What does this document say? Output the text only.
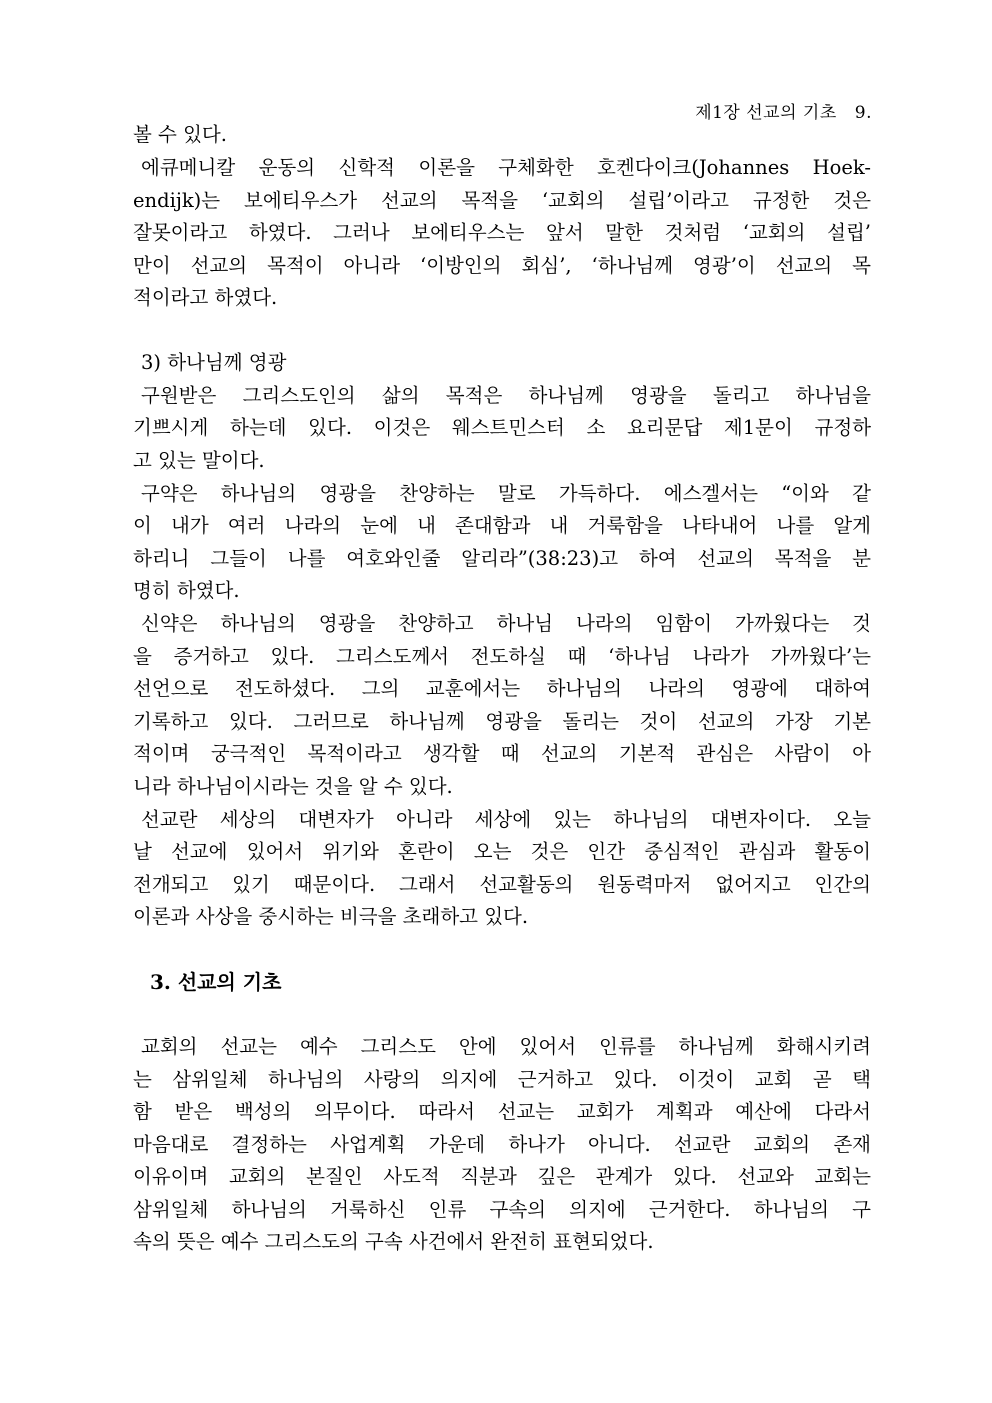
제1장 선교의 기초 9.
볼 수 있다.
에큐메니칼 운동의 신학적 이론을 구체화한 호켄다이크(Johannes Hoek-
endijk)는 보에티우스가 선교의 목적을 ‘교회의 설립’이라고 규정한 것은
잘못이라고 하였다. 그러나 보에티우스는 앞서 말한 것처럼 ‘교회의 설립’
만이 선교의 목적이 아니라 ‘이방인의 회심’, ‘하나님께 영광’이 선교의 목
적이라고 하였다.
3) 하나님께 영광
구원받은 그리스도인의 삶의 목적은 하나님께 영광을 돌리고 하나님을
기쁘시게 하는데 있다. 이것은 웨스트민스터 소 요리문답 제1문이 규정하
고 있는 말이다.
구약은 하나님의 영광을 찬양하는 말로 가득하다. 에스겔서는 “이와 같
이 내가 여러 나라의 눈에 내 존대함과 내 거룩함을 나타내어 나를 알게
하리니 그들이 나를 여호와인줄 알리라”(38:23)고 하여 선교의 목적을 분
명히 하였다.
신약은 하나님의 영광을 찬양하고 하나님 나라의 임함이 가까웠다는 것
을 증거하고 있다. 그리스도께서 전도하실 때 ‘하나님 나라가 가까웠다’는
선언으로 전도하셨다. 그의 교훈에서는 하나님의 나라의 영광에 대하여
기록하고 있다. 그러므로 하나님께 영광을 돌리는 것이 선교의 가장 기본
적이며 궁극적인 목적이라고 생각할 때 선교의 기본적 관심은 사람이 아
니라 하나님이시라는 것을 알 수 있다.
선교란 세상의 대변자가 아니라 세상에 있는 하나님의 대변자이다. 오늘
날 선교에 있어서 위기와 혼란이 오는 것은 인간 중심적인 관심과 활동이
전개되고 있기 때문이다. 그래서 선교활동의 원동력마저 없어지고 인간의
이론과 사상을 중시하는 비극을 초래하고 있다.
3. 선교의 기초
교회의 선교는 예수 그리스도 안에 있어서 인류를 하나님께 화해시키려
는 삼위일체 하나님의 사랑의 의지에 근거하고 있다. 이것이 교회 곧 택
함 받은 백성의 의무이다. 따라서 선교는 교회가 계획과 예산에 다라서
마음대로 결정하는 사업계획 가운데 하나가 아니다. 선교란 교회의 존재
이유이며 교회의 본질인 사도적 직분과 깊은 관계가 있다. 선교와 교회는
삼위일체 하나님의 거룩하신 인류 구속의 의지에 근거한다. 하나님의 구
속의 뜻은 예수 그리스도의 구속 사건에서 완전히 표현되었다.
